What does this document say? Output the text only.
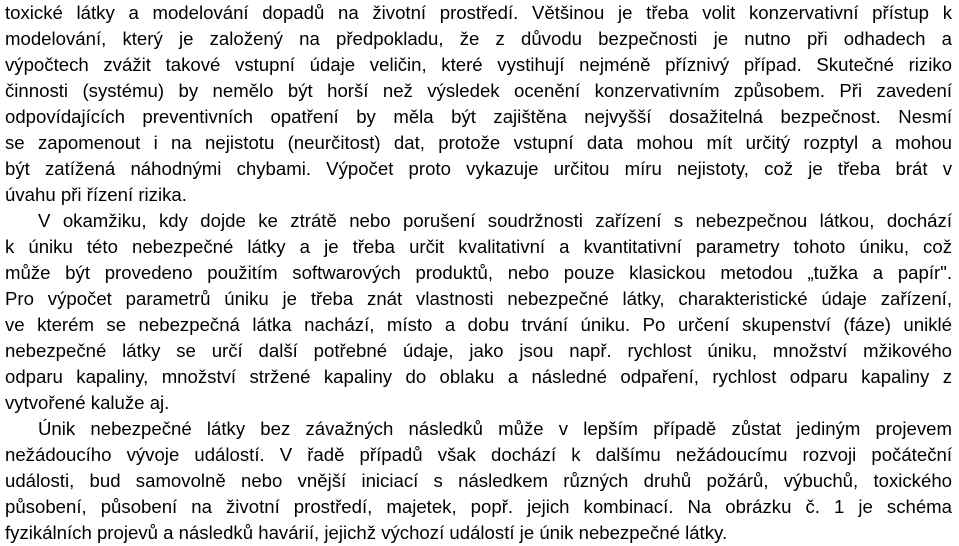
toxické látky a modelování dopadů na životní prostředí. Většinou je třeba volit konzervativní přístup k
modelování, který je založený na předpokladu, že z důvodu bezpečnosti je nutno při odhadech a
výpočtech zvážit takové vstupní údaje veličin, které vystihují nejméně příznivý případ. Skutečné riziko
činnosti (systému) by nemělo být horší než výsledek ocenění konzervativním způsobem. Při zavedení
odpovídajících preventivních opatření by měla být zajištěna nejvyšší dosažitelná bezpečnost. Nesmí
se zapomenout i na nejistotu (neurčitost) dat, protože vstupní data mohou mít určitý rozptyl a mohou
být zatížená náhodnými chybami. Výpočet proto vykazuje určitou míru nejistoty, což je třeba brát v
úvahu při řízení rizika.
V okamžiku, kdy dojde ke ztrátě nebo porušení soudržnosti zařízení s nebezpečnou látkou, dochází
k úniku této nebezpečné látky a je třeba určit kvalitativní a kvantitativní parametry tohoto úniku, což
může být provedeno použitím softwarových produktů, nebo pouze klasickou metodou „tužka a papír".
Pro výpočet parametrů úniku je třeba znát vlastnosti nebezpečné látky, charakteristické údaje zařízení,
ve kterém se nebezpečná látka nachází, místo a dobu trvání úniku. Po určení skupenství (fáze) uniklé
nebezpečné látky se určí další potřebné údaje, jako jsou např. rychlost úniku, množství mžikového
odparu kapaliny, množství stržené kapaliny do oblaku a následné odpaření, rychlost odparu kapaliny z
vytvořené kaluže aj.
Únik nebezpečné látky bez závažných následků může v lepším případě zůstat jediným projevem
nežádoucího vývoje událostí. V řadě případů však dochází k dalšímu nežádoucímu rozvoji počáteční
události, bud samovolně nebo vnější iniciací s následkem různých druhů požárů, výbuchů, toxického
působení, působení na životní prostředí, majetek, popř. jejich kombinací. Na obrázku č. 1 je schéma
fyzikálních projevů a následků havárií, jejichž výchozí událostí je únik nebezpečné látky.
